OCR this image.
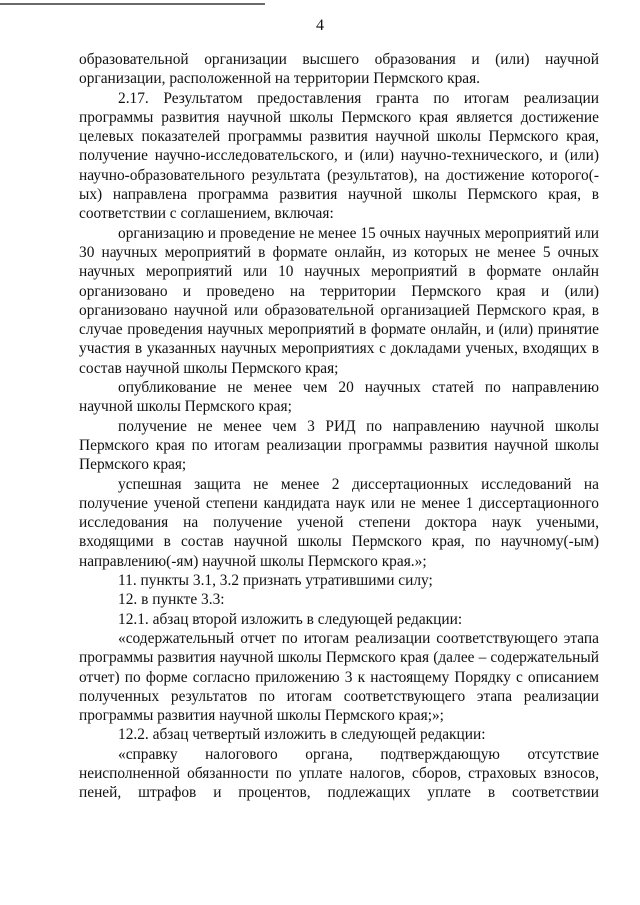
4

образовательной организации высшего образования и (или) научной организации, расположенной на территории Пермского края.

2.17. Результатом предоставления гранта по итогам реализации программы развития научной школы Пермского края является достижение целевых показателей программы развития научной школы Пермского края, получение научно-исследовательского, и (или) научно-технического, и (или) научно-образовательного результата (результатов), на достижение которого(-ых) направлена программа развития научной школы Пермского края, в соответствии с соглашением, включая:

организацию и проведение не менее 15 очных научных мероприятий или 30 научных мероприятий в формате онлайн, из которых не менее 5 очных научных мероприятий или 10 научных мероприятий в формате онлайн организовано и проведено на территории Пермского края и (или) организовано научной или образовательной организацией Пермского края, в случае проведения научных мероприятий в формате онлайн, и (или) принятие участия в указанных научных мероприятиях с докладами ученых, входящих в состав научной школы Пермского края;

опубликование не менее чем 20 научных статей по направлению научной школы Пермского края;

получение не менее чем 3 РИД по направлению научной школы Пермского края по итогам реализации программы развития научной школы Пермского края;

успешная защита не менее 2 диссертационных исследований на получение ученой степени кандидата наук или не менее 1 диссертационного исследования на получение ученой степени доктора наук учеными, входящими в состав научной школы Пермского края, по научному(-ым) направлению(-ям) научной школы Пермского края.»;

11. пункты 3.1, 3.2 признать утратившими силу;

12. в пункте 3.3:

12.1. абзац второй изложить в следующей редакции:

«содержательный отчет по итогам реализации соответствующего этапа программы развития научной школы Пермского края (далее – содержательный отчет) по форме согласно приложению 3 к настоящему Порядку с описанием полученных результатов по итогам соответствующего этапа реализации программы развития научной школы Пермского края;»;

12.2. абзац четвертый изложить в следующей редакции:

«справку налогового органа, подтверждающую отсутствие неисполненной обязанности по уплате налогов, сборов, страховых взносов, пеней, штрафов и процентов, подлежащих уплате в соответствии
